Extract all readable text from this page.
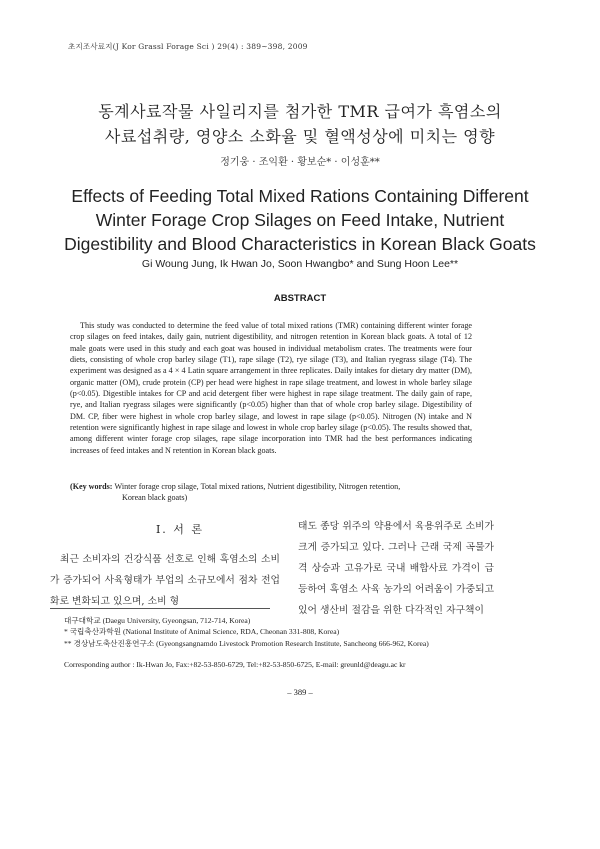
초지조사료지(J Kor Grassl Forage Sci ) 29(4) : 389~398, 2009
동계사료작물 사일리지를 첨가한 TMR 급여가 흑염소의
사료섭취량, 영양소 소화율 및 혈액성상에 미치는 영향
정기웅 · 조익환 · 황보순* · 이성훈**
Effects of Feeding Total Mixed Rations Containing Different
Winter Forage Crop Silages on Feed Intake, Nutrient
Digestibility and Blood Characteristics in Korean Black Goats
Gi Woung Jung, Ik Hwan Jo, Soon Hwangbo* and Sung Hoon Lee**
ABSTRACT
This study was conducted to determine the feed value of total mixed rations (TMR) containing different winter forage crop silages on feed intakes, daily gain, nutrient digestibility, and nitrogen retention in Korean black goats. A total of 12 male goats were used in this study and each goat was housed in individual metabolism crates. The treatments were four diets, consisting of whole crop barley silage (T1), rape silage (T2), rye silage (T3), and Italian ryegrass silage (T4). The experiment was designed as a 4 × 4 Latin square arrangement in three replicates. Daily intakes for dietary dry matter (DM), organic matter (OM), crude protein (CP) per head were highest in rape silage treatment, and lowest in whole barley silage (p<0.05). Digestible intakes for CP and acid detergent fiber were highest in rape silage treatment. The daily gain of rape, rye, and Italian ryegrass silages were significantly (p<0.05) higher than that of whole crop barley silage. Digestibility of DM. CP, fiber were highest in whole crop barley silage, and lowest in rape silage (p<0.05). Nitrogen (N) intake and N retention were significantly highest in rape silage and lowest in whole crop barley silage (p<0.05). The results showed that, among different winter forage crop silages, rape silage incorporation into TMR had the best performances indicating increases of feed intakes and N retention in Korean black goats.
(Key words: Winter forage crop silage, Total mixed rations, Nutrient digestibility, Nitrogen retention,
Korean black goats)
Ⅰ. 서 론
최근 소비자의 건강식품 선호로 인해 흑염소의 소비가 증가되어 사육형태가 부업의 소규모에서 점차 전업화로 변화되고 있으며, 소비 형
태도 종당 위주의 약용에서 육용위주로 소비가 크게 증가되고 있다. 그러나 근래 국제 곡물가격 상승과 고유가로 국내 배합사료 가격이 급등하여 흑염소 사육 농가의 어려움이 가중되고 있어 생산비 절감을 위한 다각적인 자구책이
대구대학교 (Daegu University, Gyeongsan, 712-714, Korea)
* 국립축산과학원 (National Institute of Animal Science, RDA, Cheonan 331-808, Korea)
** 경상남도축산진흥연구소 (Gyeongsangnamdo Livestock Promotion Research Institute, Sancheong 666-962, Korea)
Corresponding author : Ik-Hwan Jo, Fax:+82-53-850-6729, Tel:+82-53-850-6725, E-mail: greunld@deagu.ac kr
– 389 –
